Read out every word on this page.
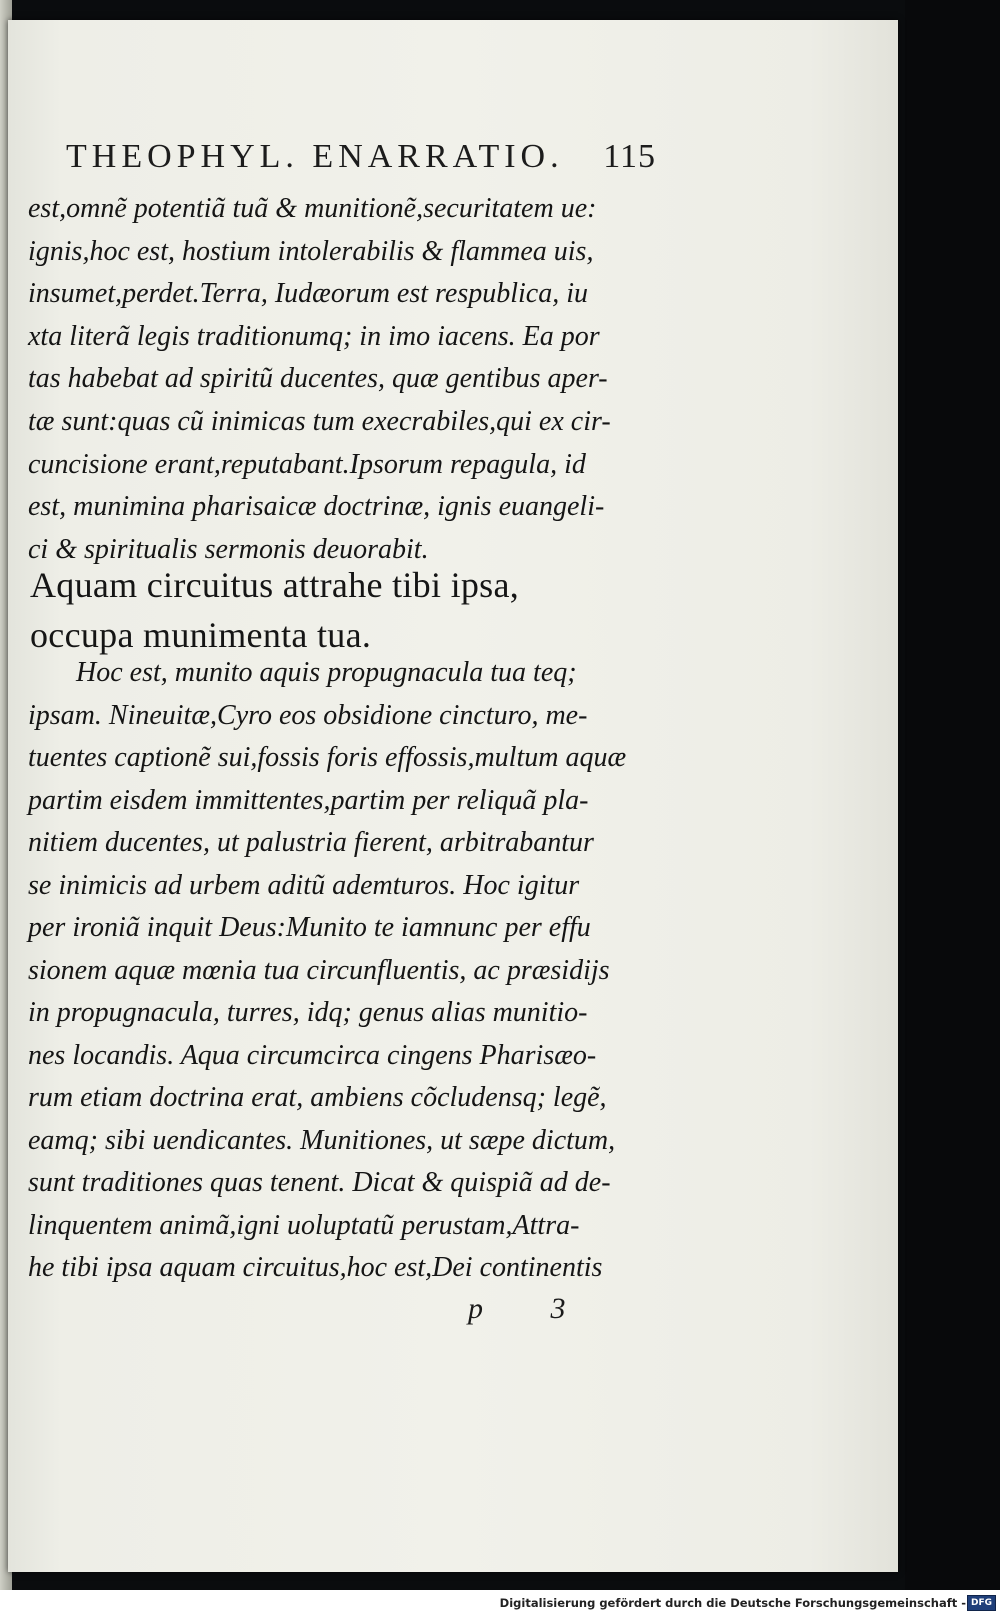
THEOPHYL. ENARRATIO. 115
est,omnẽ potentiã tuã & munitionẽ,securitatem ue:
ignis,hoc est, hostium intolerabilis & flammea uis,
insumet,perdet.Terra, Iudæorum est respublica, iu
xta literã legis traditionumq; in imo iacens. Ea por
tas habebat ad spiritũ ducentes, quæ gentibus aper-
tæ sunt:quas cũ inimicas tum execrabiles,qui ex cir-
cuncisione erant,reputabant.Ipsorum repagula, id
est, munimina pharisaicæ doctrinæ, ignis euangeli-
ci & spiritualis sermonis deuorabit.
Aquam circuitus attrahe tibi ipsa,
occupa munimenta tua.
Hoc est, munito aquis propugnacula tua teq;
ipsam. Nineuitæ,Cyro eos obsidione cincturo, me-
tuentes captionẽ sui,fossis foris effossis,multum aquæ
partim eisdem immittentes,partim per reliquã pla-
nitiem ducentes, ut palustria fierent, arbitrabantur
se inimicis ad urbem aditũ ademturos. Hoc igitur
per ironiã inquit Deus:Munito te iamnunc per effu
sionem aquæ mœnia tua circunfluentis, ac præsidijs
in propugnacula, turres, idq; genus alias munitio-
nes locandis. Aqua circumcirca cingens Pharisæo-
rum etiam doctrina erat, ambiens cõcludensq; legẽ,
eamq; sibi uendicantes. Munitiones, ut sæpe dictum,
sunt traditiones quas tenent. Dicat & quispiã ad de-
linquentem animã,igni uoluptatũ perustam,Attra-
he tibi ipsa aquam circuitus,hoc est,Dei continentis
p 3
Digitalisierung gefördert durch die Deutsche Forschungsgemeinschaft - DFG
